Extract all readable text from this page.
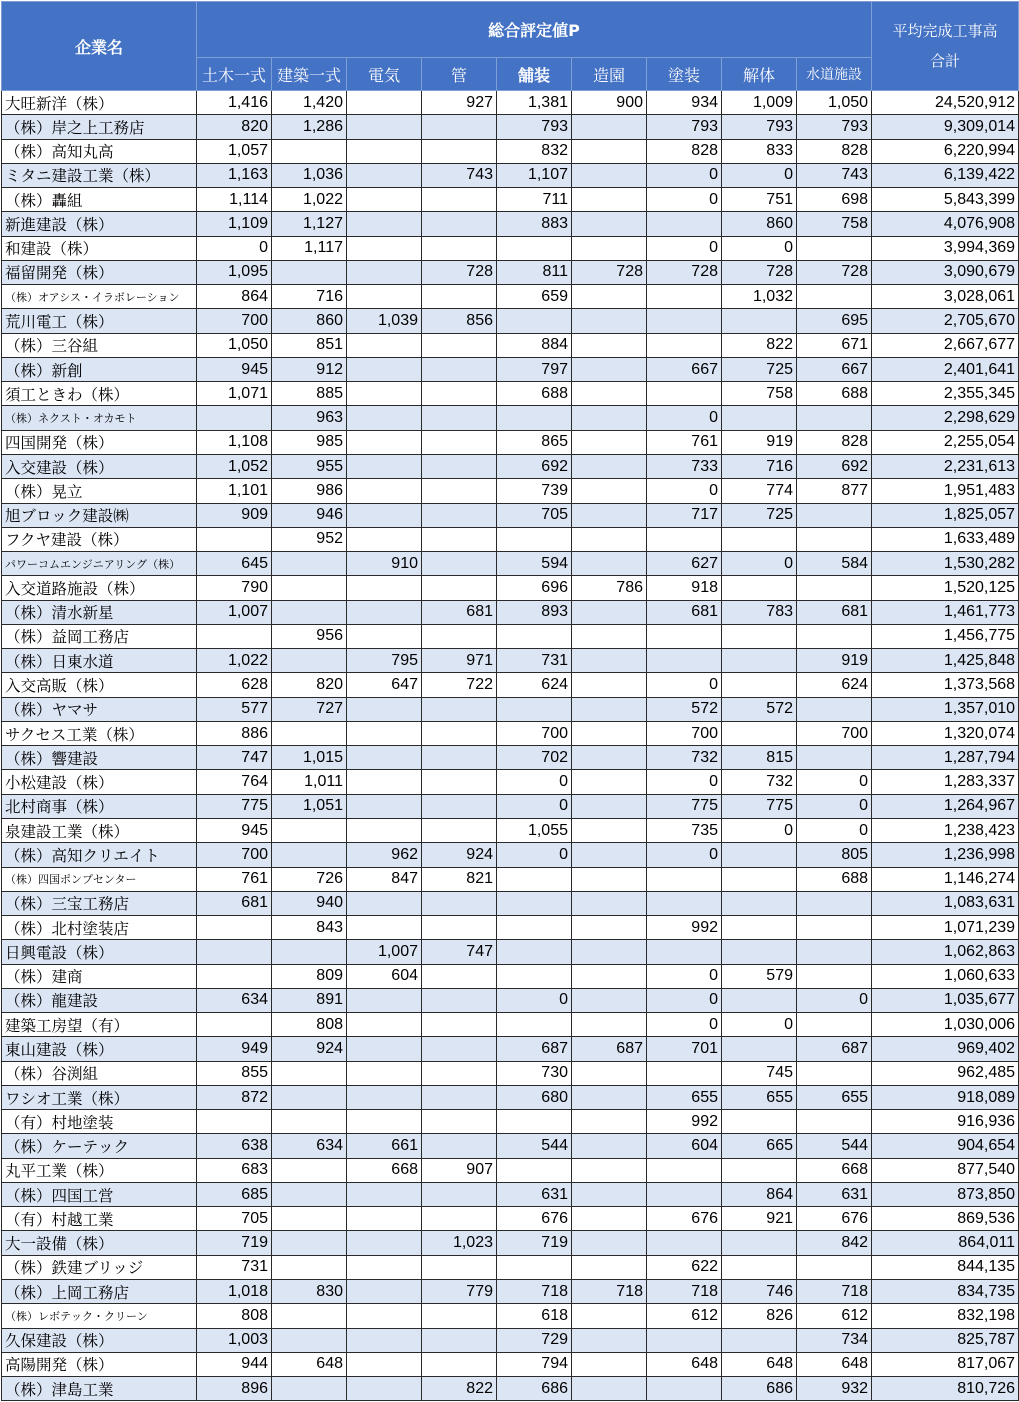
企業名	総合評定値P									平均完成工事高
合計
	土木一式	建築一式	電気	管	舗装	造園	塗装	解体	水道施設	
大旺新洋（株）	1,416	1,420		927	1,381	900	934	1,009	1,050	24,520,912
（株）岸之上工務店	820	1,286			793		793	793	793	9,309,014
（株）高知丸高	1,057				832		828	833	828	6,220,994
ミタニ建設工業（株）	1,163	1,036		743	1,107		0	0	743	6,139,422
（株）轟組	1,114	1,022			711		0	751	698	5,843,399
新進建設（株）	1,109	1,127			883			860	758	4,076,908
和建設（株）	0	1,117					0	0		3,994,369
福留開発（株）	1,095			728	811	728	728	728	728	3,090,679
（株）オアシス・イラボレーション	864	716			659			1,032		3,028,061
荒川電工（株）	700	860	1,039	856					695	2,705,670
（株）三谷組	1,050	851			884			822	671	2,667,677
（株）新創	945	912			797		667	725	667	2,401,641
須工ときわ（株）	1,071	885			688			758	688	2,355,345
（株）ネクスト・オカモト		963					0			2,298,629
四国開発（株）	1,108	985			865		761	919	828	2,255,054
入交建設（株）	1,052	955			692		733	716	692	2,231,613
（株）晃立	1,101	986			739		0	774	877	1,951,483
旭ブロック建設㈱	909	946			705		717	725		1,825,057
フクヤ建設（株）		952								1,633,489
パワーコムエンジニアリング（株）	645		910		594		627	0	584	1,530,282
入交道路施設（株）	790				696	786	918			1,520,125
（株）清水新星	1,007			681	893		681	783	681	1,461,773
（株）益岡工務店		956								1,456,775
（株）日東水道	1,022		795	971	731				919	1,425,848
入交高販（株）	628	820	647	722	624		0		624	1,373,568
（株）ヤマサ	577	727					572	572		1,357,010
サクセス工業（株）	886				700		700		700	1,320,074
（株）響建設	747	1,015			702		732	815		1,287,794
小松建設（株）	764	1,011			0		0	732	0	1,283,337
北村商事（株）	775	1,051			0		775	775	0	1,264,967
泉建設工業（株）	945				1,055		735	0	0	1,238,423
（株）高知クリエイト	700		962	924	0		0		805	1,236,998
（株）四国ポンプセンター	761	726	847	821					688	1,146,274
（株）三宝工務店	681	940								1,083,631
（株）北村塗装店		843					992			1,071,239
日興電設（株）			1,007	747						1,062,863
（株）建商		809	604				0	579		1,060,633
（株）龍建設	634	891			0		0		0	1,035,677
建築工房望（有）		808					0	0		1,030,006
東山建設（株）	949	924			687	687	701		687	969,402
（株）谷渕組	855				730			745		962,485
ワシオ工業（株）	872				680		655	655	655	918,089
（有）村地塗装							992			916,936
（株）ケーテック	638	634	661		544		604	665	544	904,654
丸平工業（株）	683		668	907					668	877,540
（株）四国工営	685				631			864	631	873,850
（有）村越工業	705				676		676	921	676	869,536
大一設備（株）	719			1,023	719				842	864,011
（株）鉄建ブリッジ	731						622			844,135
（株）上岡工務店	1,018	830		779	718	718	718	746	718	834,735
（株）レボテック・クリーン	808				618		612	826	612	832,198
久保建設（株）	1,003				729				734	825,787
高陽開発（株）	944	648			794		648	648	648	817,067
（株）津島工業	896			822	686			686	932	810,726
